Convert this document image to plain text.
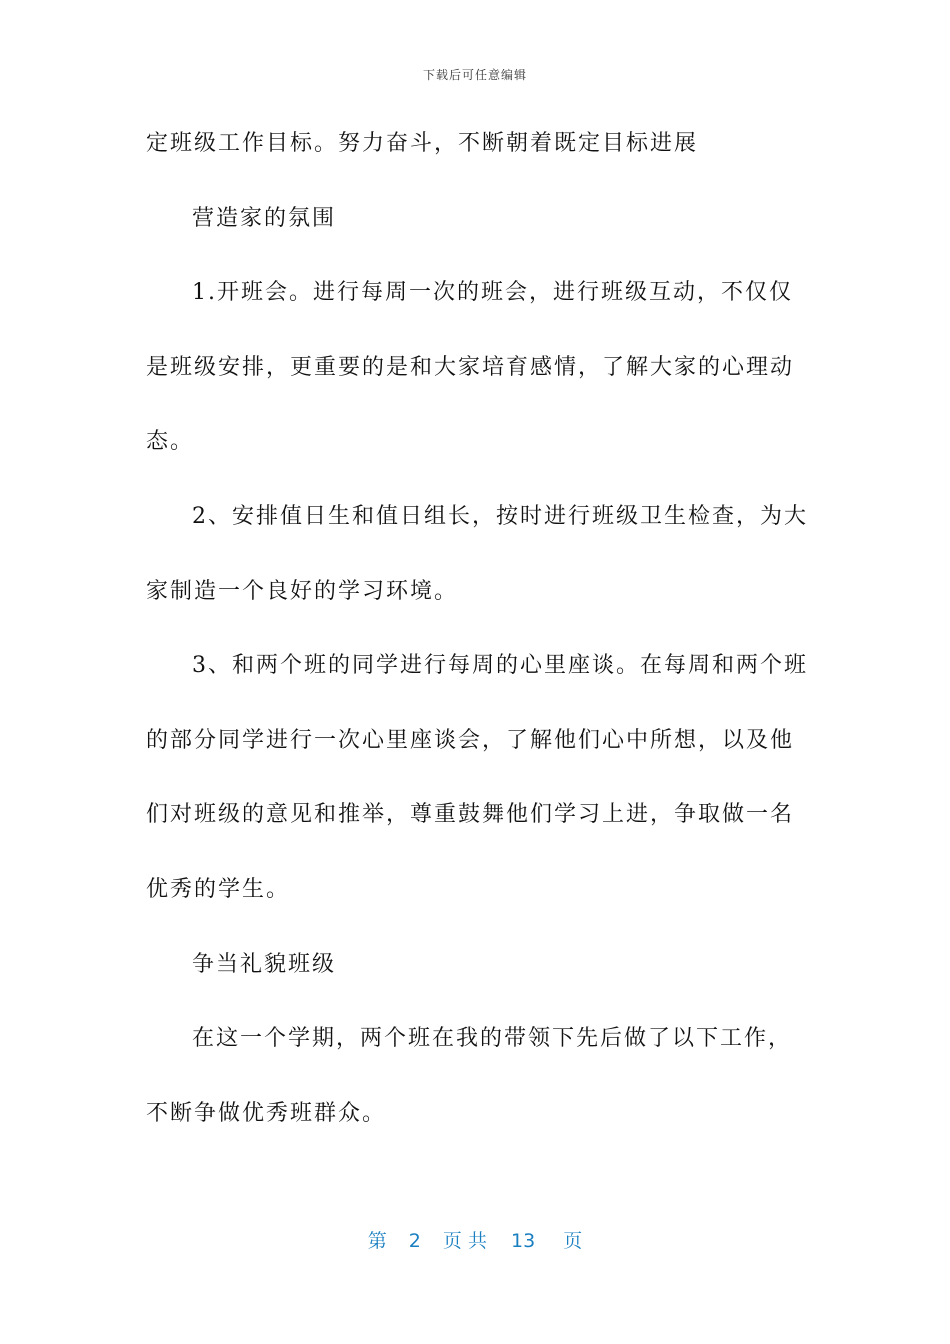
下载后可任意编辑
定班级工作目标。努力奋斗，不断朝着既定目标进展
营造家的氛围
1.开班会。进行每周一次的班会，进行班级互动，不仅仅
是班级安排，更重要的是和大家培育感情，了解大家的心理动
态。
2、安排值日生和值日组长，按时进行班级卫生检查，为大
家制造一个良好的学习环境。
3、和两个班的同学进行每周的心里座谈。在每周和两个班
的部分同学进行一次心里座谈会，了解他们心中所想，以及他
们对班级的意见和推举，尊重鼓舞他们学习上进，争取做一名
优秀的学生。
争当礼貌班级
在这一个学期，两个班在我的带领下先后做了以下工作，
不断争做优秀班群众。
第 2 页 共 13 页
